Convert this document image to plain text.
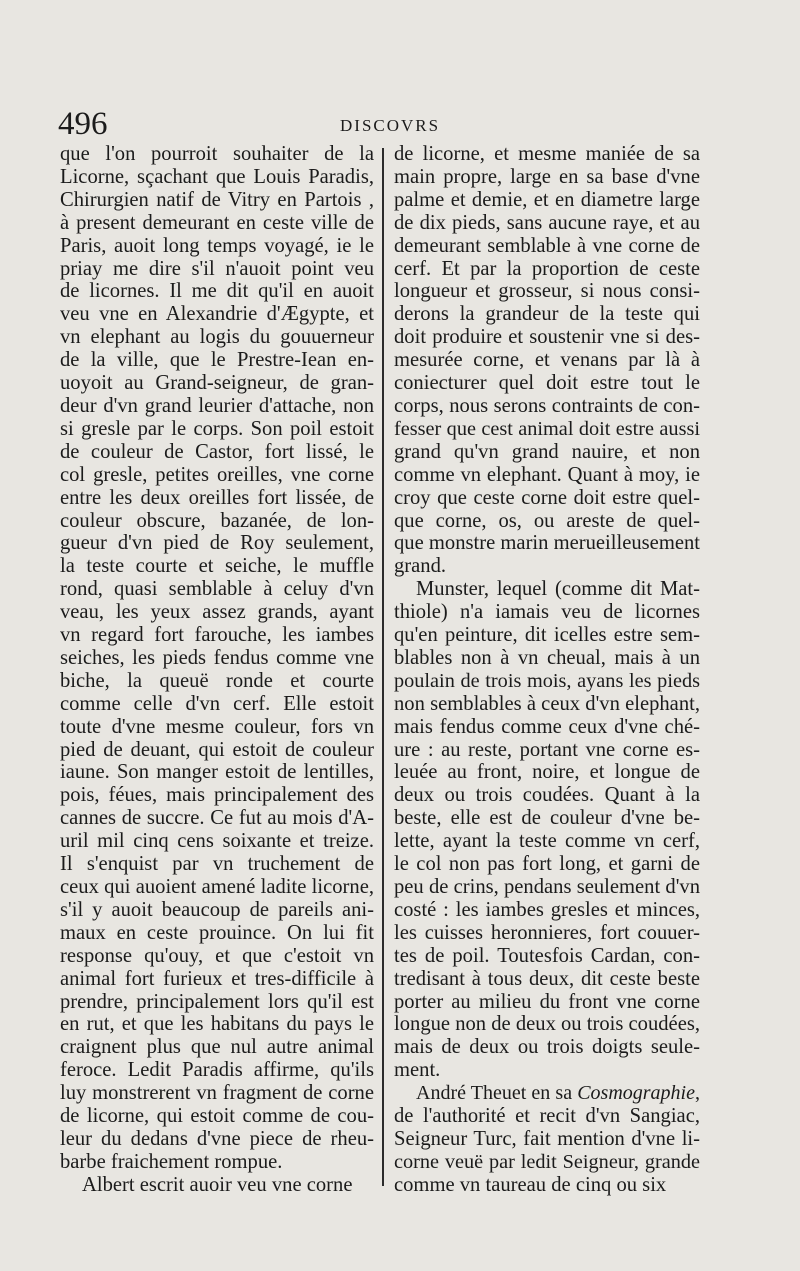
496	DISCOVRS
que l'on pourroit souhaiter de la
Licorne, sçachant que Louis Paradis,
Chirurgien natif de Vitry en Partois ,
à present demeurant en ceste ville de
Paris, auoit long temps voyagé, ie le
priay me dire s'il n'auoit point veu
de licornes. Il me dit qu'il en auoit
veu vne en Alexandrie d'Ægypte, et
vn elephant au logis du gouuerneur
de la ville, que le Prestre-Iean en-
uoyoit au Grand-seigneur, de gran-
deur d'vn grand leurier d'attache, non
si gresle par le corps. Son poil estoit
de couleur de Castor, fort lissé, le
col gresle, petites oreilles, vne corne
entre les deux oreilles fort lissée, de
couleur obscure, bazanée, de lon-
gueur d'vn pied de Roy seulement,
la teste courte et seiche, le muffle
rond, quasi semblable à celuy d'vn
veau, les yeux assez grands, ayant
vn regard fort farouche, les iambes
seiches, les pieds fendus comme vne
biche, la queuë ronde et courte
comme celle d'vn cerf. Elle estoit
toute d'vne mesme couleur, fors vn
pied de deuant, qui estoit de couleur
iaune. Son manger estoit de lentilles,
pois, féues, mais principalement des
cannes de succre. Ce fut au mois d'A-
uril mil cinq cens soixante et treize.
Il s'enquist par vn truchement de
ceux qui auoient amené ladite licorne,
s'il y auoit beaucoup de pareils ani-
maux en ceste prouince. On lui fit
response qu'ouy, et que c'estoit vn
animal fort furieux et tres-difficile à
prendre, principalement lors qu'il est
en rut, et que les habitans du pays le
craignent plus que nul autre animal
feroce. Ledit Paradis affirme, qu'ils
luy monstrerent vn fragment de corne
de licorne, qui estoit comme de cou-
leur du dedans d'vne piece de rheu-
barbe fraichement rompue.
Albert escrit auoir veu vne corne
de licorne, et mesme maniée de sa
main propre, large en sa base d'vne
palme et demie, et en diametre large
de dix pieds, sans aucune raye, et au
demeurant semblable à vne corne de
cerf. Et par la proportion de ceste
longueur et grosseur, si nous consi-
derons la grandeur de la teste qui
doit produire et soustenir vne si des-
mesurée corne, et venans par là à
coniecturer quel doit estre tout le
corps, nous serons contraints de con-
fesser que cest animal doit estre aussi
grand qu'vn grand nauire, et non
comme vn elephant. Quant à moy, ie
croy que ceste corne doit estre quel-
que corne, os, ou areste de quel-
que monstre marin merueilleusement
grand.
Munster, lequel (comme dit Mat-
thiole) n'a iamais veu de licornes
qu'en peinture, dit icelles estre sem-
blables non à vn cheual, mais à un
poulain de trois mois, ayans les pieds
non semblables à ceux d'vn elephant,
mais fendus comme ceux d'vne ché-
ure : au reste, portant vne corne es-
leuée au front, noire, et longue de
deux ou trois coudées. Quant à la
beste, elle est de couleur d'vne be-
lette, ayant la teste comme vn cerf,
le col non pas fort long, et garni de
peu de crins, pendans seulement d'vn
costé : les iambes gresles et minces,
les cuisses heronnieres, fort couuer-
tes de poil. Toutesfois Cardan, con-
tredisant à tous deux, dit ceste beste
porter au milieu du front vne corne
longue non de deux ou trois coudées,
mais de deux ou trois doigts seule-
ment.
André Theuet en sa Cosmographie,
de l'authorité et recit d'vn Sangiac,
Seigneur Turc, fait mention d'vne li-
corne veuë par ledit Seigneur, grande
comme vn taureau de cinq ou six
